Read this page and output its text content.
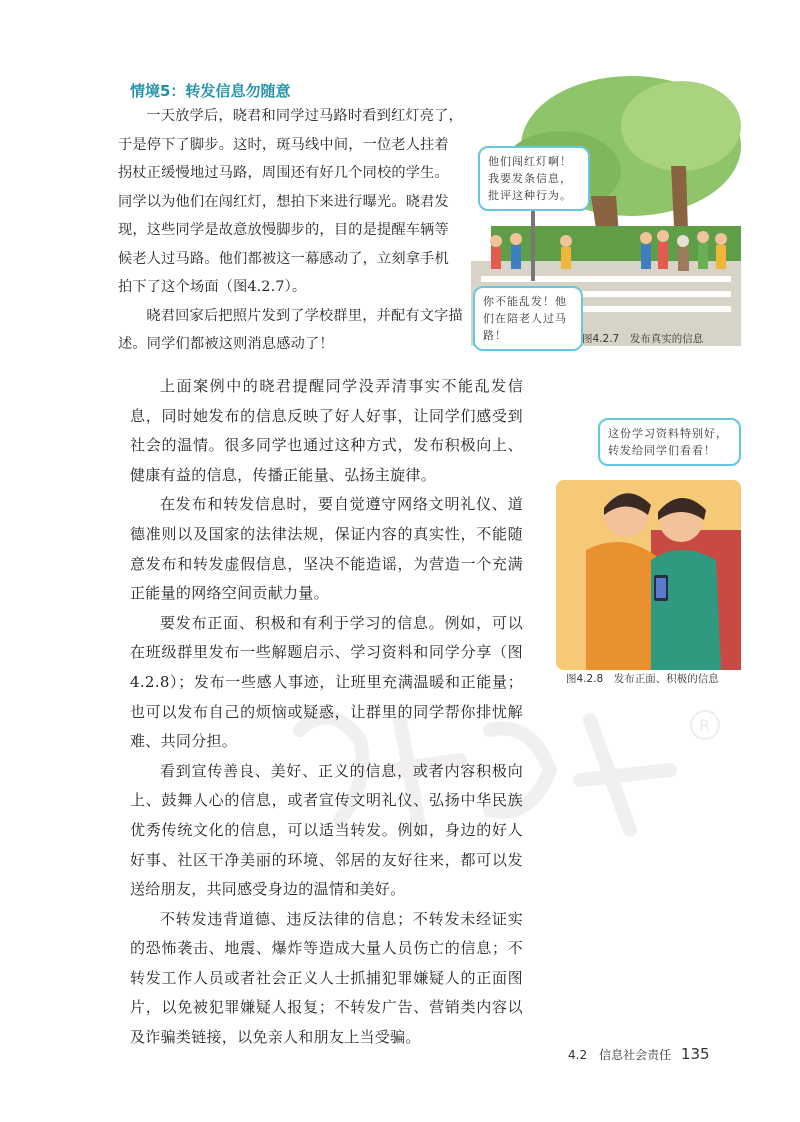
R
情境5：转发信息勿随意

一天放学后，晓君和同学过马路时看到红灯亮了，于是停下了脚步。这时，斑马线中间，一位老人拄着拐杖正缓慢地过马路，周围还有好几个同校的学生。同学以为他们在闯红灯，想拍下来进行曝光。晓君发现，这些同学是故意放慢脚步的，目的是提醒车辆等候老人过马路。他们都被这一幕感动了，立刻拿手机拍下了这个场面（图4.2.7）。

晓君回家后把照片发到了学校群里，并配有文字描述。同学们都被这则消息感动了！

他们闯红灯啊！我要发条信息，批评这种行为。
你不能乱发！他们在陪老人过马路！	图4.2.7　发布真实的信息
这份学习资料特别好，转发给同学们看看！
图4.2.8　发布正面、积极的信息

上面案例中的晓君提醒同学没弄清事实不能乱发信息，同时她发布的信息反映了好人好事，让同学们感受到社会的温情。很多同学也通过这种方式，发布积极向上、健康有益的信息，传播正能量、弘扬主旋律。

在发布和转发信息时，要自觉遵守网络文明礼仪、道德准则以及国家的法律法规，保证内容的真实性，不能随意发布和转发虚假信息，坚决不能造谣，为营造一个充满正能量的网络空间贡献力量。

要发布正面、积极和有利于学习的信息。例如，可以在班级群里发布一些解题启示、学习资料和同学分享（图4.2.8）；发布一些感人事迹，让班里充满温暖和正能量；也可以发布自己的烦恼或疑惑，让群里的同学帮你排忧解难、共同分担。

看到宣传善良、美好、正义的信息，或者内容积极向上、鼓舞人心的信息，或者宣传文明礼仪、弘扬中华民族优秀传统文化的信息，可以适当转发。例如，身边的好人好事、社区干净美丽的环境、邻居的友好往来，都可以发送给朋友，共同感受身边的温情和美好。

不转发违背道德、违反法律的信息；不转发未经证实的恐怖袭击、地震、爆炸等造成大量人员伤亡的信息；不转发工作人员或者社会正义人士抓捕犯罪嫌疑人的正面图片，以免被犯罪嫌疑人报复；不转发广告、营销类内容以及诈骗类链接，以免亲人和朋友上当受骗。

4.2　信息社会责任 135
